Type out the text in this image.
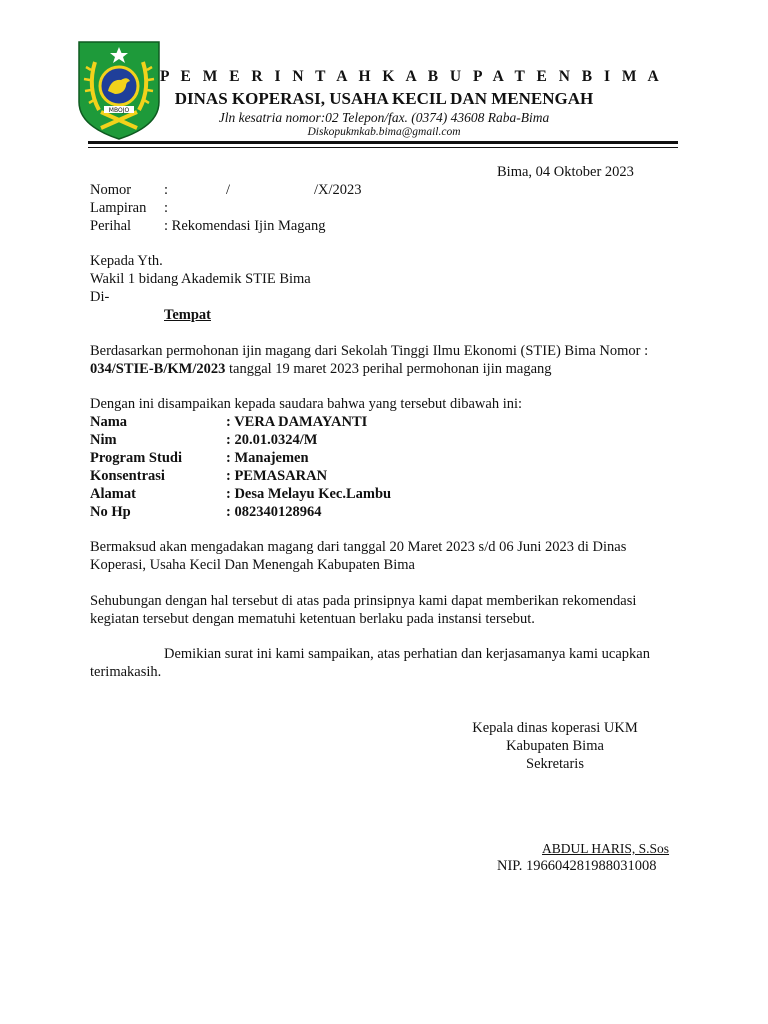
MBOJO
P E M E R I N T A H K A B U P A T E N B I M A
DINAS KOPERASI, USAHA KECIL DAN MENENGAH
Jln kesatria nomor:02 Telepon/fax. (0374) 43608 Raba-Bima
Diskopukmkab.bima@gmail.com
Bima, 04 Oktober 2023
Nomor :	/	/X/2023
Lampiran :
Perihal : Rekomendasi Ijin Magang
Kepada Yth.
Wakil 1 bidang Akademik STIE Bima
Di-
Tempat
Berdasarkan permohonan ijin magang dari Sekolah Tinggi Ilmu Ekonomi (STIE) Bima Nomor :
034/STIE-B/KM/2023 tanggal 19 maret 2023 perihal permohonan ijin magang
Dengan ini disampaikan kepada saudara bahwa yang tersebut dibawah ini:
Nama	: VERA DAMAYANTI
Nim	: 20.01.0324/M
Program Studi	: Manajemen
Konsentrasi	: PEMASARAN
Alamat	: Desa Melayu Kec.Lambu
No Hp	: 082340128964
Bermaksud akan mengadakan magang dari tanggal 20 Maret 2023 s/d 06 Juni 2023 di Dinas
Koperasi, Usaha Kecil Dan Menengah Kabupaten Bima
Sehubungan dengan hal tersebut di atas pada prinsipnya kami dapat memberikan rekomendasi
kegiatan tersebut dengan mematuhi ketentuan berlaku pada instansi tersebut.
Demikian surat ini kami sampaikan, atas perhatian dan kerjasamanya kami ucapkan
terimakasih.
Kepala dinas koperasi UKM
Kabupaten Bima
Sekretaris
ABDUL HARIS, S.Sos
NIP. 196604281988031008
